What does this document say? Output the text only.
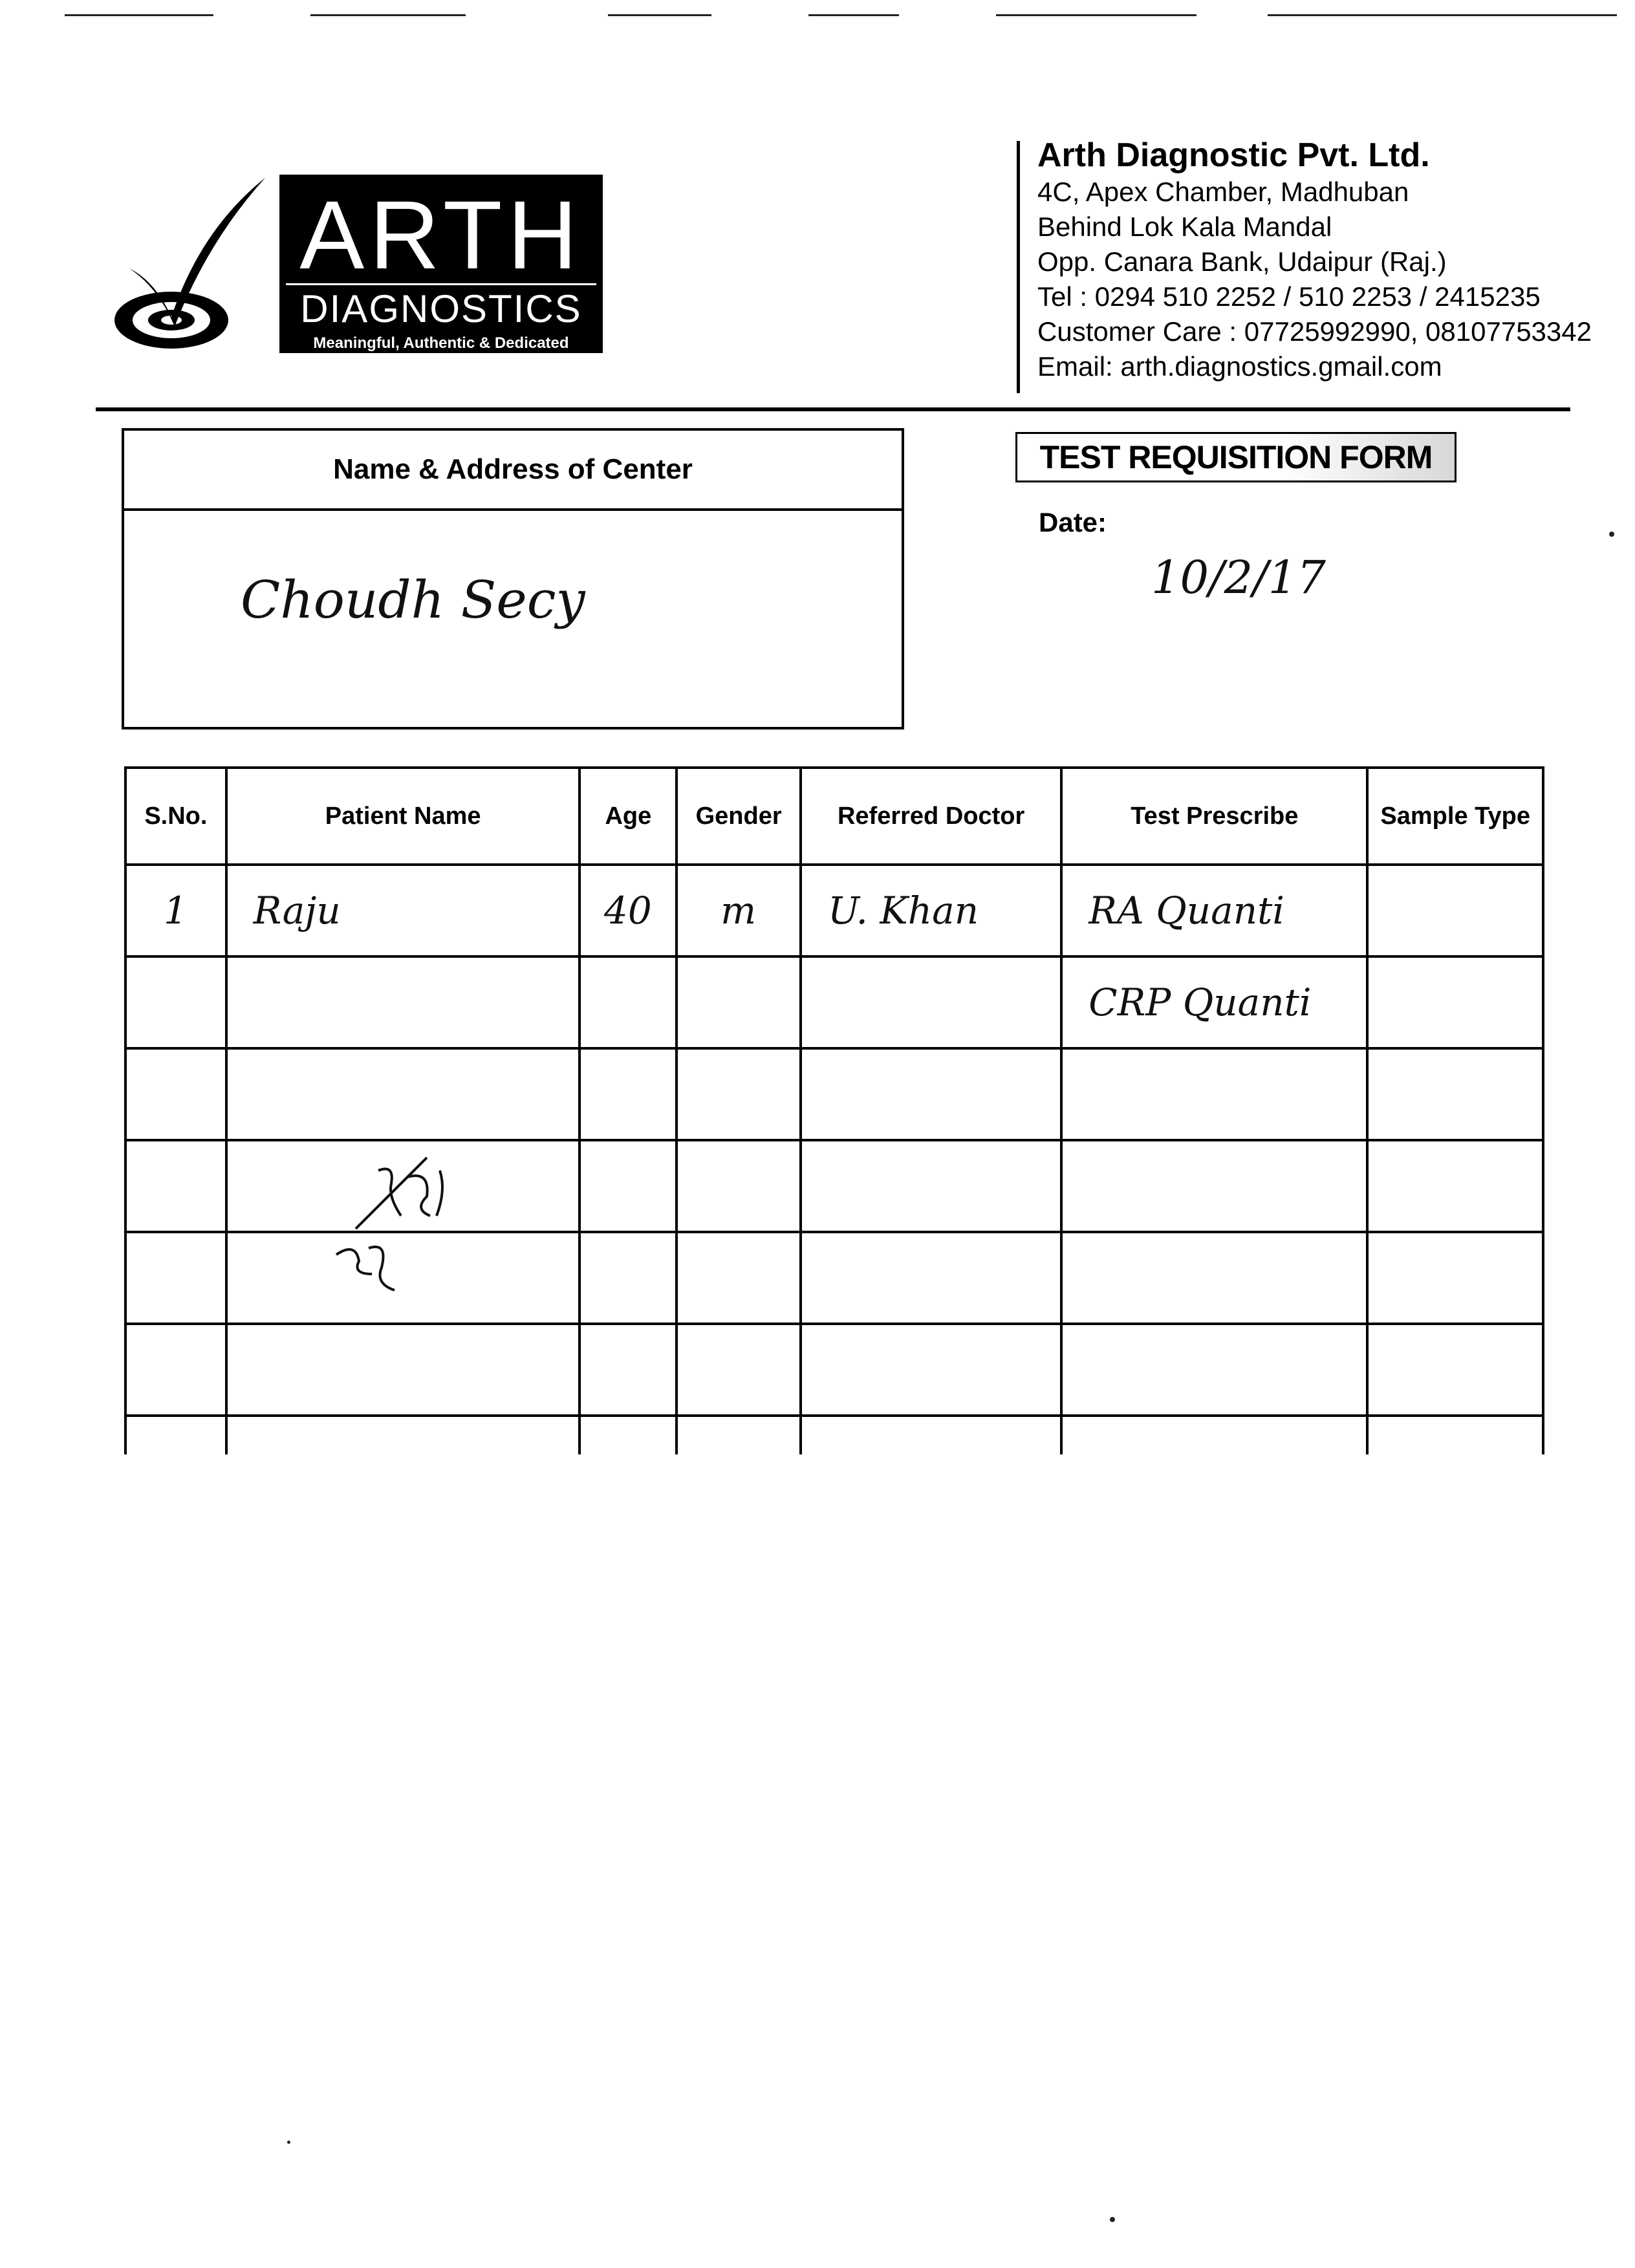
ARTH
DIAGNOSTICS
Meaningful, Authentic & Dedicated
Arth Diagnostic Pvt. Ltd.
4C, Apex Chamber, Madhuban
Behind Lok Kala Mandal
Opp. Canara Bank, Udaipur (Raj.)
Tel : 0294 510 2252 / 510 2253 / 2415235
Customer Care : 07725992990, 08107753342
Email: arth.diagnostics.gmail.com
Name & Address of Center
Choudh Secy
TEST REQUISITION FORM
Date:
10/2/17
S.No.	Patient Name	Age	Gender	Referred Doctor	Test Prescribe	Sample Type
1	Raju	40	m	U. Khan	RA Quanti	
					CRP Quanti	
